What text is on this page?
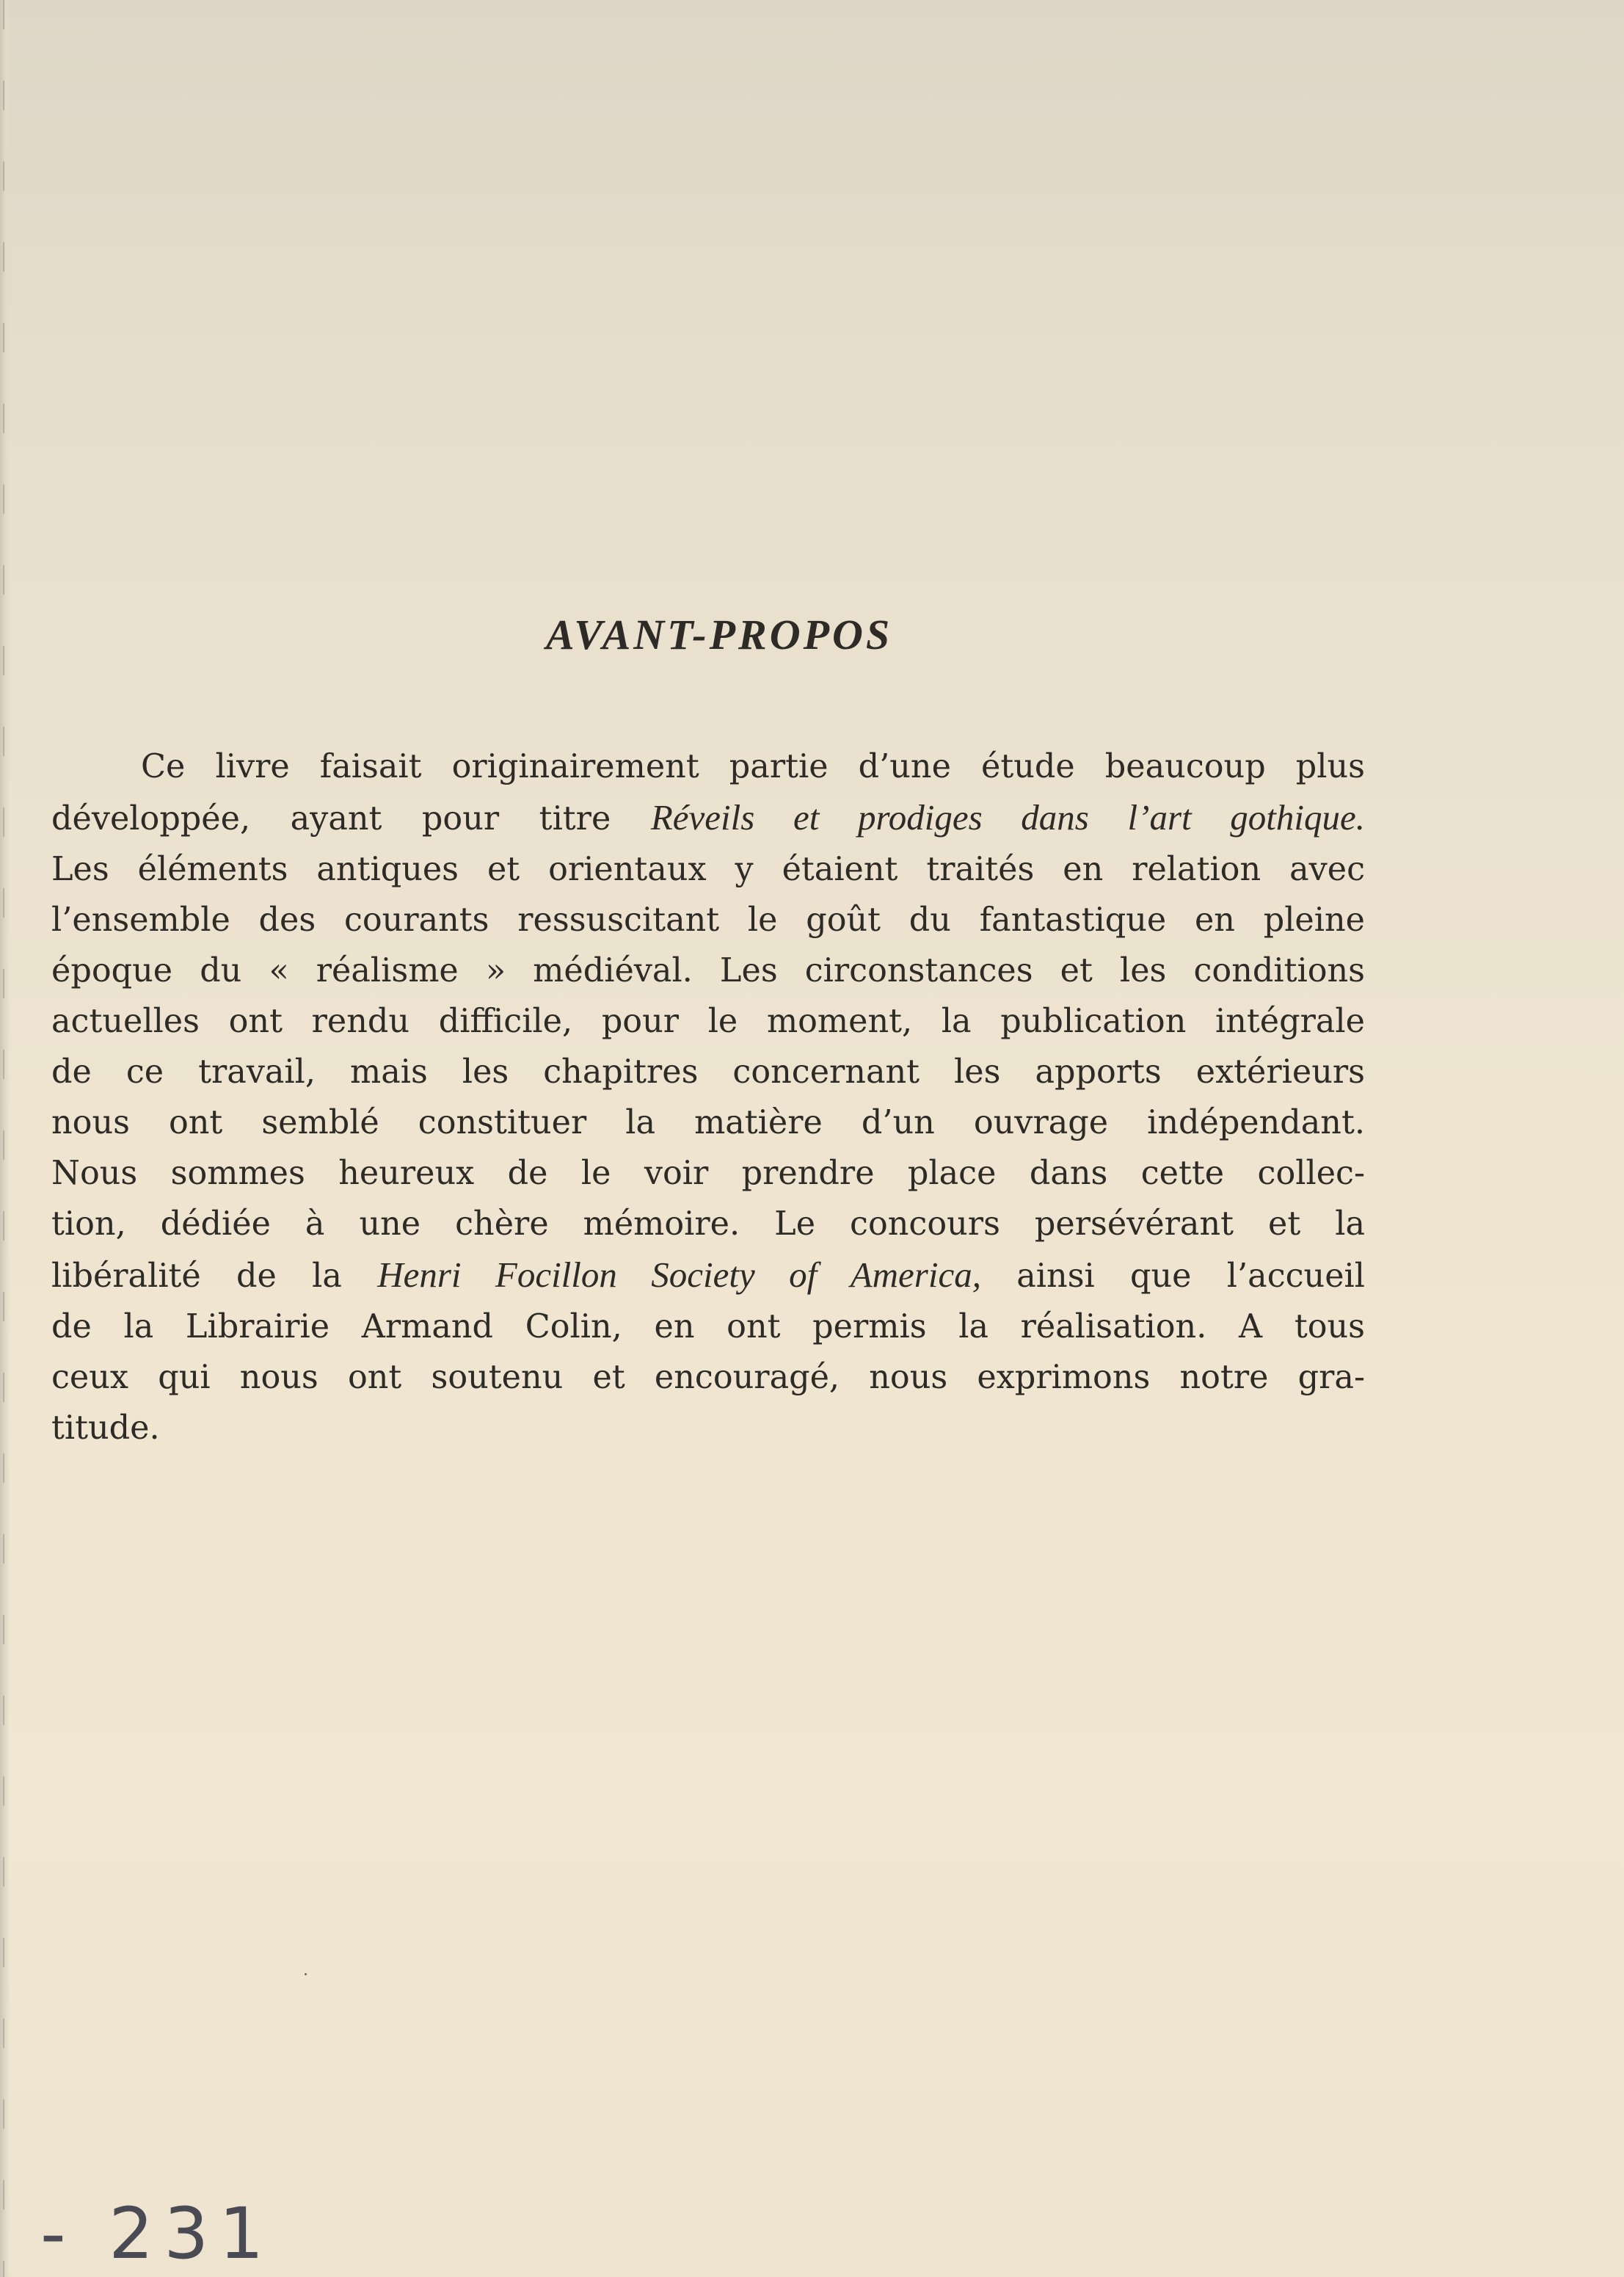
AVANT-PROPOS
Ce livre faisait originairement partie d’une étude beaucoup plus
développée, ayant pour titre Réveils et prodiges dans l’art gothique.
Les éléments antiques et orientaux y étaient traités en relation avec
l’ensemble des courants ressuscitant le goût du fantastique en pleine
époque du « réalisme » médiéval. Les circonstances et les conditions
actuelles ont rendu difficile, pour le moment, la publication intégrale
de ce travail, mais les chapitres concernant les apports extérieurs
nous ont semblé constituer la matière d’un ouvrage indépendant.
Nous sommes heureux de le voir prendre place dans cette collec-
tion, dédiée à une chère mémoire. Le concours persévérant et la
libéralité de la Henri Focillon Society of America, ainsi que l’accueil
de la Librairie Armand Colin, en ont permis la réalisation. A tous
ceux qui nous ont soutenu et encouragé, nous exprimons notre gra-
titude.
- 231
